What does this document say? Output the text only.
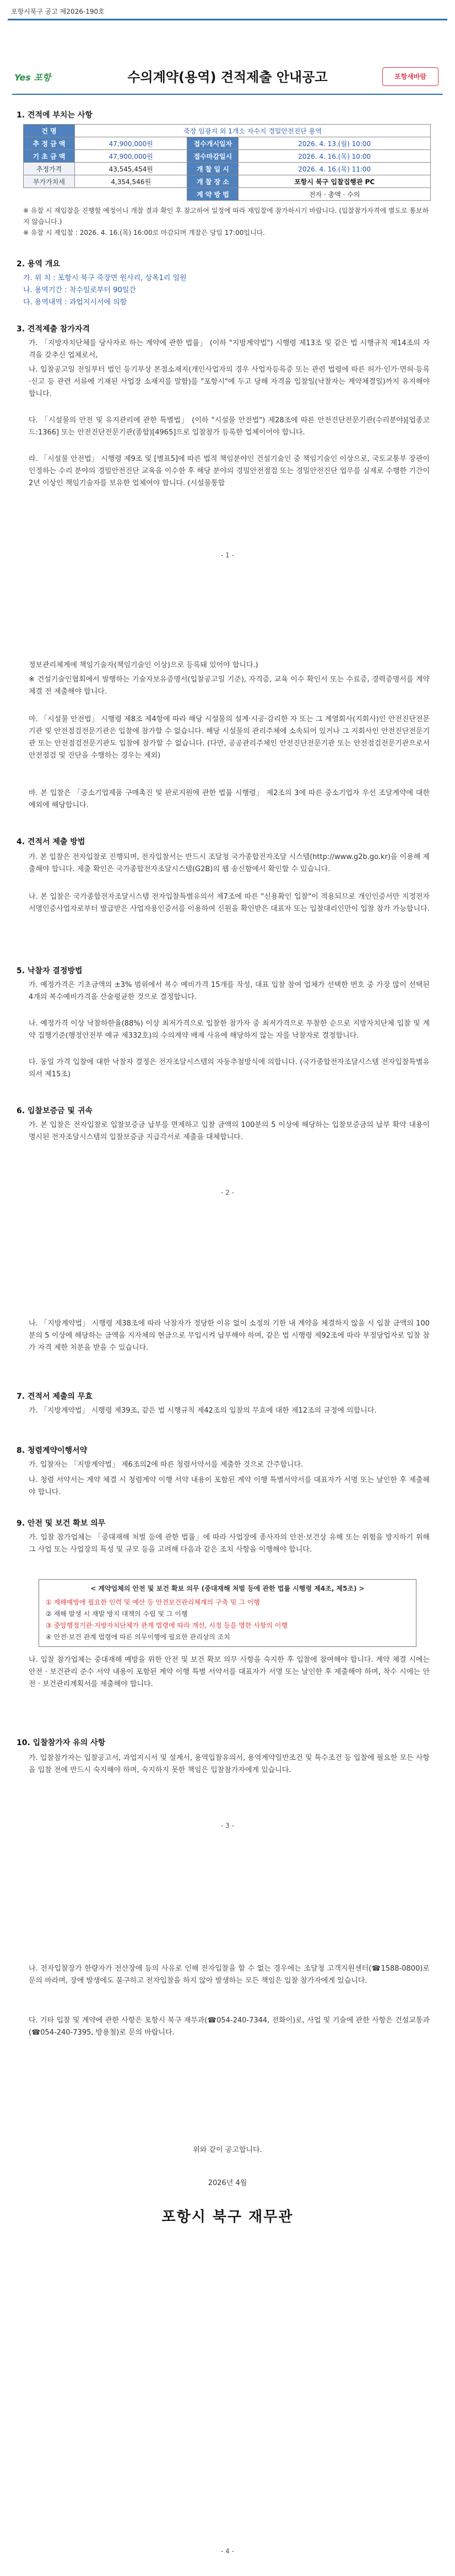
포항시북구 공고 제2026-190호
Yes 포항	수의계약(용역) 견적제출 안내공고	포항새바람
1. 견적에 부치는 사항
건 명	죽장 임광지 외 1개소 자수지 경밀안전진단 용역		
추 정 금 액	47,900,000원	접수개시일자	2026. 4. 13.(월) 10:00
기 초 금 액	47,900,000원	접수마감일시	2026. 4. 16.(목) 10:00
추정가격	43,545,454원	개 찰 일 시	2026. 4. 16.(목) 11:00
부가가치세	4,354,546원	개 찰 장 소	포항시 북구 입찰집행관 PC
		계 약 방 법	전자 · 총액 · 수의
※ 유찰 시 재입찰을 진행할 예정이니 개찰 결과 확인 후 참고하여 일정에 따라 재입찰에 참가하시기 바랍니다. (입찰참가자격에 별도로 통보하지 않습니다.)
※ 유찰 시 재입찰 : 2026. 4. 16.(목) 16:00로 마감되며 개찰은 당일 17:00입니다.
2. 용역 개요
가. 위 치 : 포항시 북구 죽장면 원사리, 상옥1리 일원
나. 용역기간 : 착수일로부터 90일간
다. 용역내역 : 과업지시서에 의함
3. 견적제출 참가자격
가. 「지방자치단체를 당사자로 하는 계약에 관한 법률」 (이하 "지방계약법") 시행령 제13조 및 같은 법 시행규칙 제14조의 자격을 갖추신 업체로서,
나. 입찰공고일 전일부터 법인 등기부상 본점소재지(개인사업자의 경우 사업자등록증 또는 관련 법령에 따른 허가·인가·면허·등록·신고 등 관련 서류에 기재된 사업장 소재지를 말함)를 "포항시"에 두고 당해 자격을 입찰일(낙찰자는 계약체결일)까지 유지해야 합니다.
다. 「시설물의 안전 및 유지관리에 관한 특별법」 (이하 "시설물 안전법") 제28조에 따른 안전진단전문기관(수리분야)[업종코드:1366] 또는 안전진단전문기관(종합)[4965]으로 입찰참가 등록한 업체이어야 합니다.
라. 「시설물 안전법」 시행령 제9조 및 [별표5]에 따른 법적 책임분야인 건설기술인 중 책임기술인 이상으로, 국토교통부 장관이 인정하는 수리 분야의 경밀안전진단 교육을 이수한 후 해당 분야의 경밀안전점검 또는 경밀안전진단 업무를 실제로 수행한 기간이 2년 이상인 책임기술자를 보유한 업체여야 합니다. (시설물통합
- 1 -
정보관리체계에 책임기술자(책임기술인 이상)으로 등록돼 있어야 합니다.)
※ 건설기술인협회에서 발행하는 기술자보유증명서(입찰공고일 기준), 자격증, 교육 이수 확인서 또는 수료증, 경력증명서를 계약 체결 전 제출해야 합니다.
마. 「시설물 안전법」 시행령 제8조 제4항에 따라 해당 시설물의 설계·시공·감리한 자 또는 그 계열회사(지회사)인 안전진단전문기관 및 안전점검전문기관은 입찰에 참가할 수 없습니다. 해당 시설물의 관리주체에 소속되어 있거나 그 지회사인 안전진단전문기관 또는 안전점검전문기관도 입찰에 참가할 수 없습니다. (다만, 공공관리주체인 안전진단전문기관 또는 안전점검전문기관으로서 안전점검 및 진단을 수행하는 경우는 제외)
바. 본 입찰은 「중소기업제품 구매촉진 및 판로지원에 관한 법률 시행령」 제2조의 3에 따른 중소기업자 우선 조달계약에 대한 예외에 해당합니다.
4. 견적서 제출 방법
가. 본 입찰은 전자입찰로 진행되며, 전자입찰서는 반드시 조달청 국가종합전자조달 시스템(http://www.g2b.go.kr)을 이용해 제출해야 합니다. 제출 확인은 국가종합전자조달시스템(G2B)의 웹 송신함에서 확인할 수 있습니다.
나. 본 입찰은 국가종합전자조달시스템 전자입찰특별유의서 제7조에 따른 "신용확인 입찰"이 적용되므로 개인인증서만 지정전자서명인증사업자로부터 발급받은 사업자용인증서를 이용하여 신원을 확인받은 대표자 또는 입찰대리인만이 입찰 참가 가능합니다.
5. 낙찰자 결정방법
가. 예정가격은 기초금액의 ±3% 범위에서 복수 예비가격 15개를 작성, 대표 입찰 참여 업체가 선택한 번호 중 가장 많이 선택된 4개의 복수예비가격을 산술평균한 것으로 결정합니다.
나. 예정가격 이상 낙찰하한율(88%) 이상 최저가격으로 입찰한 참가자 중 최저가격으로 투찰한 순으로 지방자치단체 입찰 및 계약 집행기준(행정안전부 예규 제332호)의 수의계약 배제 사유에 해당하지 않는 자를 낙찰자로 결정합니다.
다. 동일 가격 입찰에 대한 낙찰자 결정은 전자조달시스템의 자동추첨방식에 의합니다. (국가종합전자조달시스템 전자입찰특별유의서 제15조)
6. 입찰보증금 및 귀속
가. 본 입찰은 전자입찰로 입찰보증금 납부를 면제하고 입찰 금액의 100분의 5 이상에 해당하는 입찰보증금의 납부 확약 내용이 명시된 전자조달시스템의 입찰보증금 지급각서로 제출을 대체합니다.
- 2 -
나. 「지방계약법」 시행령 제38조에 따라 낙찰자가 정당한 이유 없이 소정의 기한 내 계약을 체결하지 않을 시 입찰 금액의 100분의 5 이상에 해당하는 금액을 지자체의 현금으로 무입시켜 납부해야 하며, 같은 법 시행령 제92조에 따라 부정당업자로 입찰 참가 자격 제한 처분을 받을 수 있습니다.
7. 견적서 제출의 무효
가. 「지방계약법」 시행령 제39조, 같은 법 시행규칙 제42조의 입찰의 무효에 대한 제12조의 규정에 의합니다.
8. 청렴계약이행서약
가. 입찰자는 「지방계약법」 제6조의2에 따른 청렴서약서를 제출한 것으로 간주합니다.
나. 청렴 서약서는 계약 체결 시 청렴계약 이행 서약 내용이 포함된 계약 이행 특별서약서를 대표자가 서명 또는 날인한 후 제출해야 합니다.
9. 안전 및 보건 확보 의무
가. 입찰 참가업체는 「중대재해 처벌 등에 관한 법률」에 따라 사업장에 종사자의 안전·보건상 유해 또는 위험을 방지하기 위해 그 사업 또는 사업장의 특성 및 규모 등을 고려해 다음과 같은 조치 사항을 이행해야 합니다.
< 계약업체의 안전 및 보건 확보 의무 (중대재해 처벌 등에 관한 법률 시행령 제4조, 제5조) >
① 재해예방에 필요한 인력 및 예산 등 안전보건관리체계의 구축 및 그 이행
② 재해 발생 시 재발 방지 대책의 수립 및 그 이행
③ 중앙행정기관·지방자치단체가 관계 법령에 따라 개선, 시정 등을 명한 사항의 이행
④ 안전·보건 관계 법령에 따른 의무이행에 필요한 관리상의 조치
나. 입찰 참가업체는 중대재해 예방을 위한 안전 및 보건 확보 의무 사항을 숙지한 후 입찰에 참여해야 합니다. 계약 체결 시에는 안전 · 보건관리 준수 서약 내용이 포함된 계약 이행 특별 서약서를 대표자가 서명 또는 날인한 후 제출해야 하며, 착수 시에는 안전 · 보건관리계획서를 제출해야 합니다.
10. 입찰참가자 유의 사항
가. 입찰참가자는 입찰공고서, 과업지시서 및 설계서, 용역입찰유의서, 용역계약일반조건 및 특수조건 등 입찰에 필요한 모든 사항을 입찰 전에 반드시 숙지해야 하며, 숙지하지 못한 책임은 입찰참가자에게 있습니다.
- 3 -
나. 전자입찰장가 한량자가 전산장애 등의 사유로 인해 전자입찰을 할 수 없는 경우에는 조달청 고객지원센터(☎1588-0800)로 문의 바라며, 장애 발생에도 불구하고 전자입찰을 하지 않아 발생하는 모든 책임은 입찰 참가자에게 있습니다.
다. 기타 입찰 및 계약에 관한 사항은 포항시 북구 재무과(☎054-240-7344, 전화이)로, 사업 및 기술에 관한 사항은 건설교통과(☎054-240-7395, 방용철)로 문의 바랍니다.
위와 같이 공고합니다.
2026년 4월
포항시 북구 재무관
- 4 -
